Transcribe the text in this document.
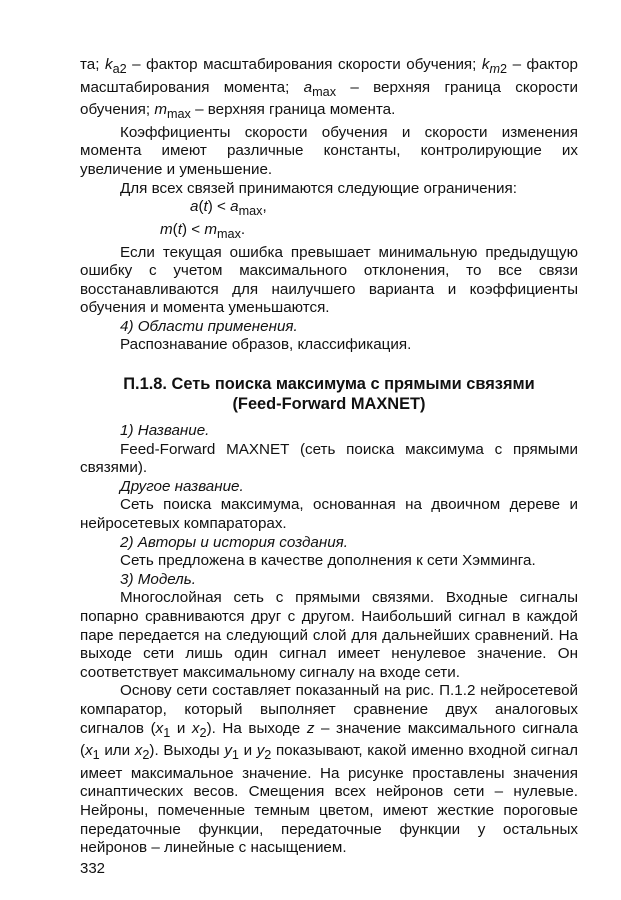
та; $k_{a2}$ – фактор масштабирования скорости обучения; $k_{m2}$ – фактор масштабирования момента; $a_{max}$ – верхняя граница скорости обучения; $m_{max}$ – верхняя граница момента.

Коэффициенты скорости обучения и скорости изменения момента имеют различные константы, контролирующие их увеличение и уменьшение.

Для всех связей принимаются следующие ограничения:

$a(t) < a_{max}$,

$m(t) < m_{max}$.

Если текущая ошибка превышает минимальную предыдущую ошибку с учетом максимального отклонения, то все связи восстанавливаются для наилучшего варианта и коэффициенты обучения и момента уменьшаются.

4) Области применения.

Распознавание образов, классификация.

П.1.8. Сеть поиска максимума с прямыми связями
(Feed-Forward MAXNET)

1) Название.

Feed-Forward MAXNET (сеть поиска максимума с прямыми связями).

Другое название.

Сеть поиска максимума, основанная на двоичном дереве и нейросетевых компараторах.

2) Авторы и история создания.

Сеть предложена в качестве дополнения к сети Хэмминга.

3) Модель.

Многослойная сеть с прямыми связями. Входные сигналы попарно сравниваются друг с другом. Наибольший сигнал в каждой паре передается на следующий слой для дальнейших сравнений. На выходе сети лишь один сигнал имеет ненулевое значение. Он соответствует максимальному сигналу на входе сети.

Основу сети составляет показанный на рис. П.1.2 нейросетевой компаратор, который выполняет сравнение двух аналоговых сигналов ($x_1$ и $x_2$). На выходе z – значение максимального сигнала ($x_1$ или $x_2$). Выходы $y_1$ и $y_2$ показывают, какой именно входной сигнал имеет максимальное значение. На рисунке проставлены значения синаптических весов. Смещения всех нейронов сети – нулевые. Нейроны, помеченные темным цветом, имеют жесткие пороговые передаточные функции, передаточные функции у остальных нейронов – линейные с насыщением.

332
